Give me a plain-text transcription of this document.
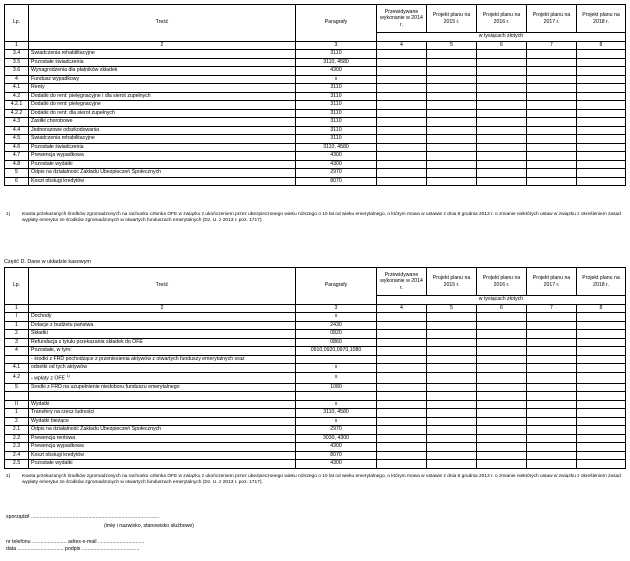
Lp.	Treść	Paragrafy	Przewidywane wykonanie w 2014 r.	Projekt planu na 2015 r.	Projekt planu na 2016 r.	Projekt planu na 2017 r.	Projekt planu na 2018 r.
			w tysiącach złotych				
1	2	3	4	5	6	7	8
3.4	Świadczenia rehabilitacyjne	3110					
3.5	Pozostałe świadczenia	3110, 4580					
3.6	Wynagrodzenia dla płatników składek	4300					
4	Fundusz wypadkowy	x					
4.1	Renty	3110					
4.2	Dodatki do rent: pielęgnacyjne i dla sierot zupełnych	3110					
4.2.1	Dodatki do rent: pielęgnacyjne	3110					
4.2.2	Dodatki do rent: dla sierot zupełnych	3110					
4.3	Zasiłki chorobowe	3110					
4.4	Jednorazowe odszkodowania	3110					
4.5	Świadczenia rehabilitacyjne	3110					
4.6	Pozostałe świadczenia	3110, 4580					
4.7	Prewencja wypadkowa	4300					
4.8	Pozostałe wydatki	4300					
5	Odpis na działalność Zakładu Ubezpieczeń Społecznych	2970					
6	Koszt obsługi kredytów	8070					
1) Kwota przekazanych środków zgromadzonych na rachunku członka OFE w związku z ukończeniem przez ubezpieczonego wieku niższego o 10 lat od wieku emerytalnego, o którym mowa w ustawie z dnia 6 grudnia 2013 r. o zmianie niektórych ustaw w związku z określeniem zasad wypłaty emerytur ze środków zgromadzonych w otwartych funduszach emerytalnych (Dz. U. z 2013 r. poz. 1717).
Część D. Dane w układzie kasowym
Lp.	Treść	Paragrafy	Przewidywane wykonanie w 2014 r.	Projekt planu na 2015 r.	Projekt planu na 2016 r.	Projekt planu na 2017 r.	Projekt planu na 2018 r.
			w tysiącach złotych				
1	2	3	4	5	6	7	8
I	Dochody	x					
1	Dotacje z budżetu państwa	2430					
2	Składki	0820					
3	Refundacja z tytułu przekazania składek do OFE	0860					
4	Pozostałe, w tym:	0910,0920,0970,1080					
	- środki z FRD pochodzące z przeniesienia aktywów z otwartych funduszy emerytalnych oraz						
4.1	odsetki od tych aktywów	x					
4.2	- wpłaty z OFE $^{1)}$	x					
5	Środki z FRD na uzupełnienie niedoboru funduszu emerytalnego	1080					

II	Wydatki	x					
1	Transfery na rzecz ludności	3110, 4580					
2	Wydatki bieżące	x					
2.1	Odpis na działalność Zakładu Ubezpieczeń Społecznych	2970					
2.2	Prewencja rentowa	3030, 4300					
2.3	Prewencja wypadkowa	4300					
2.4	Koszt obsługi kredytów	8070					
2.5	Pozostałe wydatki	4300					
1) Kwota przekazanych środków zgromadzonych na rachunku członka OFE w związku z ukończeniem przez ubezpieczonego wieku niższego o 10 lat od wieku emerytalnego, o którym mowa w ustawie z dnia 6 grudnia 2013 r. o zmianie niektórych ustaw w związku z określeniem zasad wypłaty emerytur ze środków zgromadzonych w otwartych funduszach emerytalnych (Dz. U. z 2013 r. poz. 1717).
sporządził .........................................................................................
(imię i nazwisko, stanowisko służbowe)
nr telefonu ........................ adres e-mail ................................
data ................................ podpis ........................................
